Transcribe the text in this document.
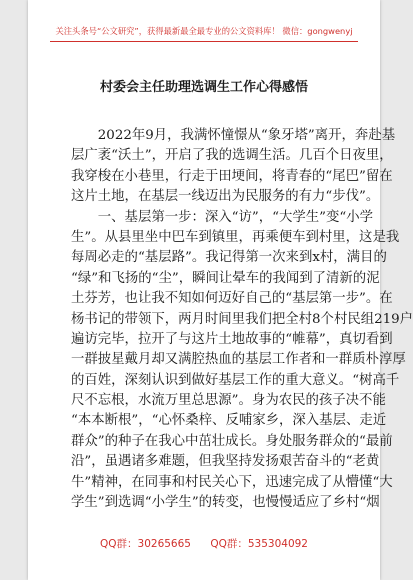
关注头条号“公文研究”，获得最新最全最专业的公文资料库！ 微信：gongwenyj
村委会主任助理选调生工作心得感悟
　　2022年9月，我满怀憧憬从“象牙塔”离开，奔赴基
层广袤“沃土”，开启了我的选调生活。几百个日夜里，
我穿梭在小巷里，行走于田埂间，将青春的“尾巴”留在
这片土地，在基层一线迈出为民服务的有力“步伐”。
　　一、基层第一步：深入“访”，“大学生”变“小学
生”。从县里坐中巴车到镇里，再乘便车到村里，这是我
每周必走的“基层路”。我记得第一次来到x村，满目的
“绿”和飞扬的“尘”，瞬间让晕车的我闻到了清新的泥
土芬芳，也让我不知如何迈好自己的“基层第一步”。在
杨书记的带领下，两月时间里我们把全村8个村民组219户
遍访完毕，拉开了与这片土地故事的“帷幕”，真切看到
一群披星戴月却又满腔热血的基层工作者和一群质朴淳厚
的百姓，深刻认识到做好基层工作的重大意义。“树高千
尺不忘根，水流万里总思源”。身为农民的孩子决不能
“本本断根”，“心怀桑梓、反哺家乡，深入基层、走近
群众”的种子在我心中茁壮成长。身处服务群众的“最前
沿”，虽遇诸多难题，但我坚持发扬艰苦奋斗的“老黄
牛”精神，在同事和村民关心下，迅速完成了从懵懂“大
学生”到选调“小学生”的转变，也慢慢适应了乡村“烟
QQ群：30265665 QQ群：535304092
